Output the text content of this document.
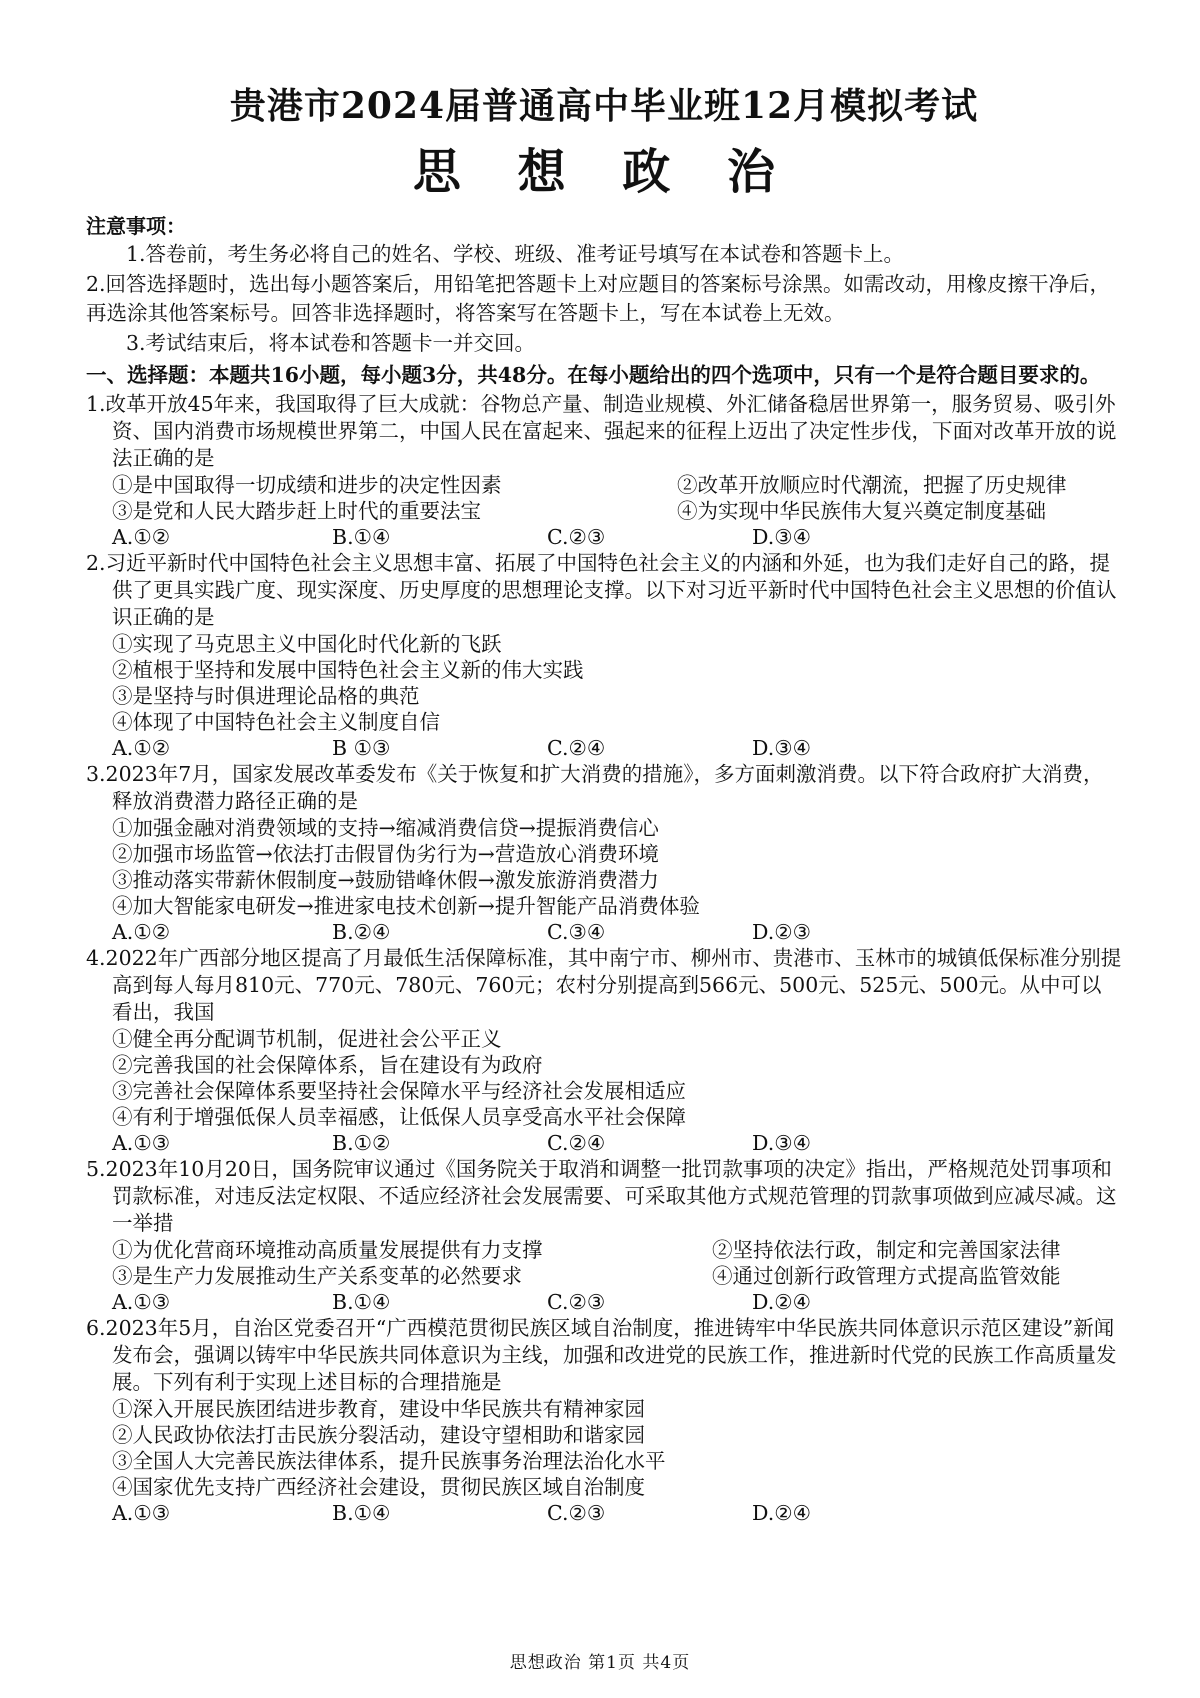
贵港市2024届普通高中毕业班12月模拟考试
思 想 政 治
注意事项：
1.答卷前，考生务必将自己的姓名、学校、班级、准考证号填写在本试卷和答题卡上。
2.回答选择题时，选出每小题答案后，用铅笔把答题卡上对应题目的答案标号涂黑。如需改动，用橡皮擦干净后，再选涂其他答案标号。回答非选择题时，将答案写在答题卡上，写在本试卷上无效。
3.考试结束后，将本试卷和答题卡一并交回。
一、选择题：本题共16小题，每小题3分，共48分。在每小题给出的四个选项中，只有一个是符合题目要求的。
1.改革开放45年来，我国取得了巨大成就：谷物总产量、制造业规模、外汇储备稳居世界第一，服务贸易、吸引外资、国内消费市场规模世界第二，中国人民在富起来、强起来的征程上迈出了决定性步伐，下面对改革开放的说法正确的是
①是中国取得一切成绩和进步的决定性因素	②改革开放顺应时代潮流，把握了历史规律
③是党和人民大踏步赶上时代的重要法宝	④为实现中华民族伟大复兴奠定制度基础
A.①②	B.①④	C.②③	D.③④
2.习近平新时代中国特色社会主义思想丰富、拓展了中国特色社会主义的内涵和外延，也为我们走好自己的路，提供了更具实践广度、现实深度、历史厚度的思想理论支撑。以下对习近平新时代中国特色社会主义思想的价值认识正确的是
①实现了马克思主义中国化时代化新的飞跃
②植根于坚持和发展中国特色社会主义新的伟大实践
③是坚持与时俱进理论品格的典范
④体现了中国特色社会主义制度自信
A.①②	B ①③	C.②④	D.③④
3.2023年7月，国家发展改革委发布《关于恢复和扩大消费的措施》，多方面刺激消费。以下符合政府扩大消费，释放消费潜力路径正确的是
①加强金融对消费领域的支持→缩减消费信贷→提振消费信心
②加强市场监管→依法打击假冒伪劣行为→营造放心消费环境
③推动落实带薪休假制度→鼓励错峰休假→激发旅游消费潜力
④加大智能家电研发→推进家电技术创新→提升智能产品消费体验
A.①②	B.②④	C.③④	D.②③
4.2022年广西部分地区提高了月最低生活保障标准，其中南宁市、柳州市、贵港市、玉林市的城镇低保标准分别提高到每人每月810元、770元、780元、760元；农村分别提高到566元、500元、525元、500元。从中可以看出，我国
①健全再分配调节机制，促进社会公平正义
②完善我国的社会保障体系，旨在建设有为政府
③完善社会保障体系要坚持社会保障水平与经济社会发展相适应
④有利于增强低保人员幸福感，让低保人员享受高水平社会保障
A.①③	B.①②	C.②④	D.③④
5.2023年10月20日，国务院审议通过《国务院关于取消和调整一批罚款事项的决定》指出，严格规范处罚事项和罚款标准，对违反法定权限、不适应经济社会发展需要、可采取其他方式规范管理的罚款事项做到应减尽减。这一举措
①为优化营商环境推动高质量发展提供有力支撑	②坚持依法行政，制定和完善国家法律
③是生产力发展推动生产关系变革的必然要求	④通过创新行政管理方式提高监管效能
A.①③	B.①④	C.②③	D.②④
6.2023年5月，自治区党委召开“广西模范贯彻民族区域自治制度，推进铸牢中华民族共同体意识示范区建设”新闻发布会，强调以铸牢中华民族共同体意识为主线，加强和改进党的民族工作，推进新时代党的民族工作高质量发展。下列有利于实现上述目标的合理措施是
①深入开展民族团结进步教育，建设中华民族共有精神家园
②人民政协依法打击民族分裂活动，建设守望相助和谐家园
③全国人大完善民族法律体系，提升民族事务治理法治化水平
④国家优先支持广西经济社会建设，贯彻民族区域自治制度
A.①③	B.①④	C.②③	D.②④
思想政治 第1页 共4页
